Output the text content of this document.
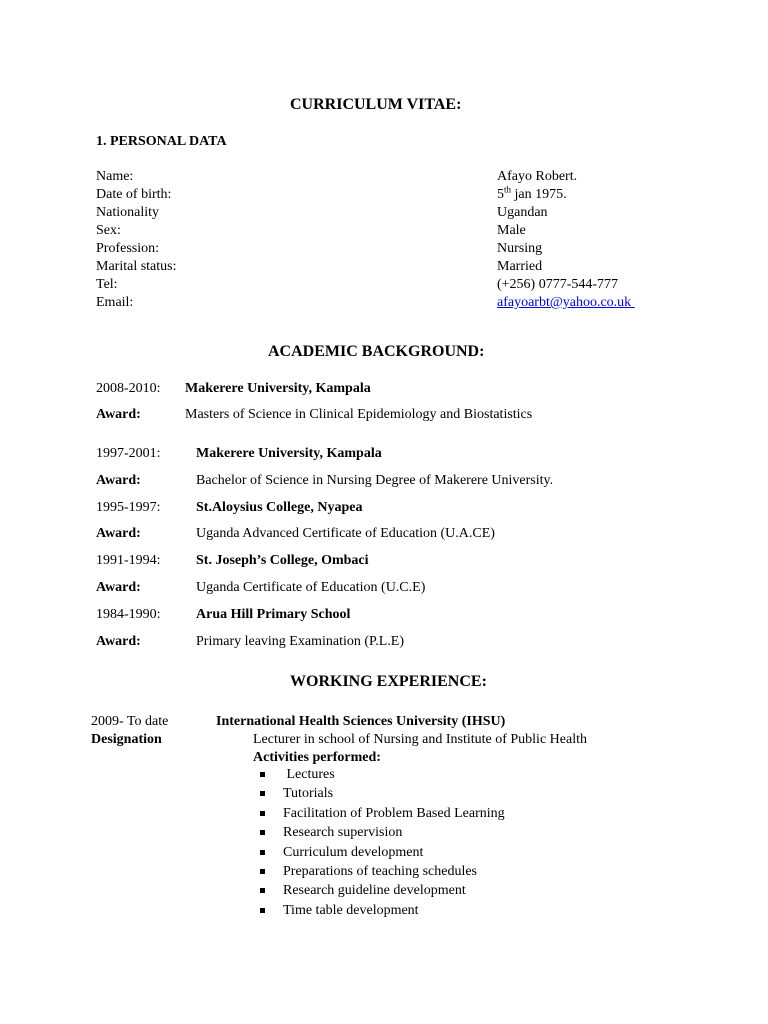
CURRICULUM VITAE:
1. PERSONAL DATA
Name:	Afayo Robert.
Date of birth:	5th jan 1975.
Nationality	Ugandan
Sex:	Male
Profession:	Nursing
Marital status:	Married
Tel:	(+256) 0777-544-777
Email:	afayoarbt@yahoo.co.uk
ACADEMIC BACKGROUND:
2008-2010: Makerere University, Kampala
Award:	Masters of Science in Clinical Epidemiology and Biostatistics
1997-2001:	Makerere University, Kampala
Award:	Bachelor of Science in Nursing Degree of Makerere University.
1995-1997:	St.Aloysius College, Nyapea
Award:	Uganda Advanced Certificate of Education (U.A.CE)
1991-1994:	St. Joseph’s College, Ombaci
Award:	Uganda Certificate of Education (U.C.E)
1984-1990:	Arua Hill Primary School
Award:	Primary leaving Examination (P.L.E)
WORKING EXPERIENCE:
2009- To date	International Health Sciences University (IHSU)
Designation	Lecturer in school of Nursing and Institute of Public Health
Activities performed:
Lectures
Tutorials
Facilitation of Problem Based Learning
Research supervision
Curriculum development
Preparations of teaching schedules
Research guideline development
Time table development
